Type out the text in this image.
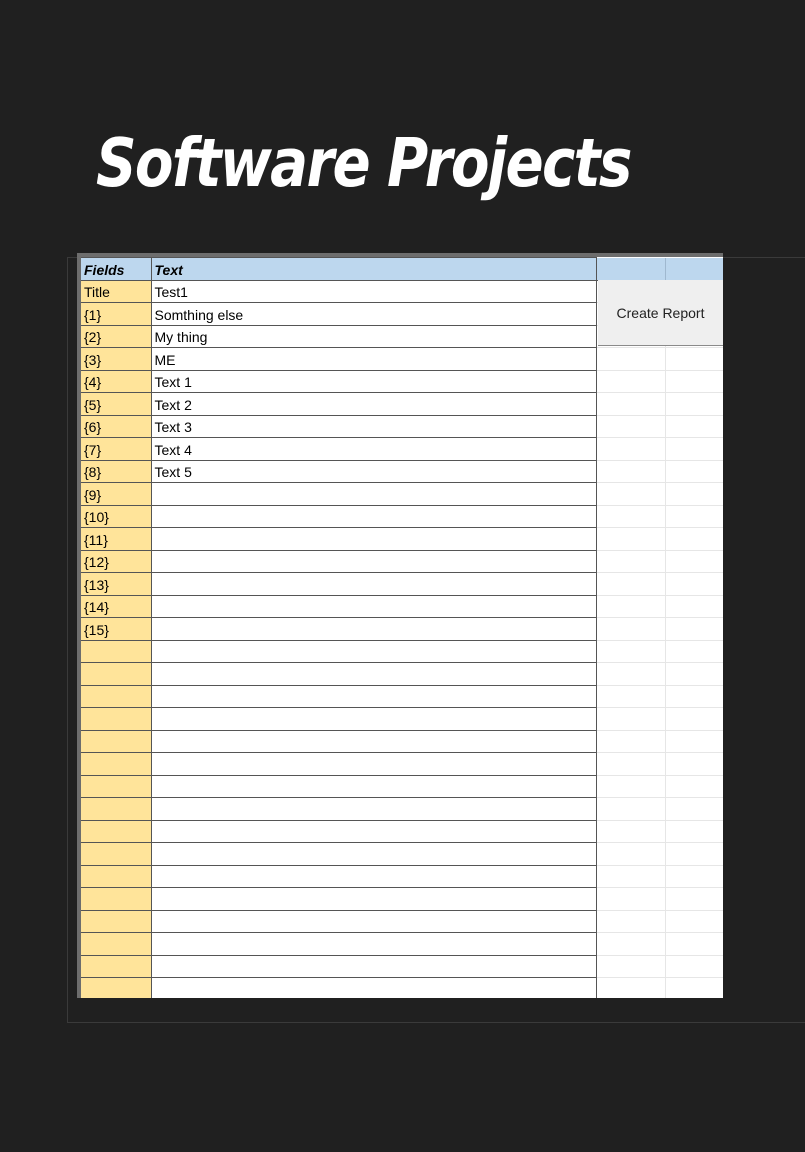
Software Projects
Fields	Text		
Title	Test1		
{1}	Somthing else		
{2}	My thing		
{3}	ME		
{4}	Text 1		
{5}	Text 2		
{6}	Text 3		
{7}	Text 4		
{8}	Text 5		
{9}			
{10}			
{11}			
{12}			
{13}			
{14}			
{15}			

Create Report
